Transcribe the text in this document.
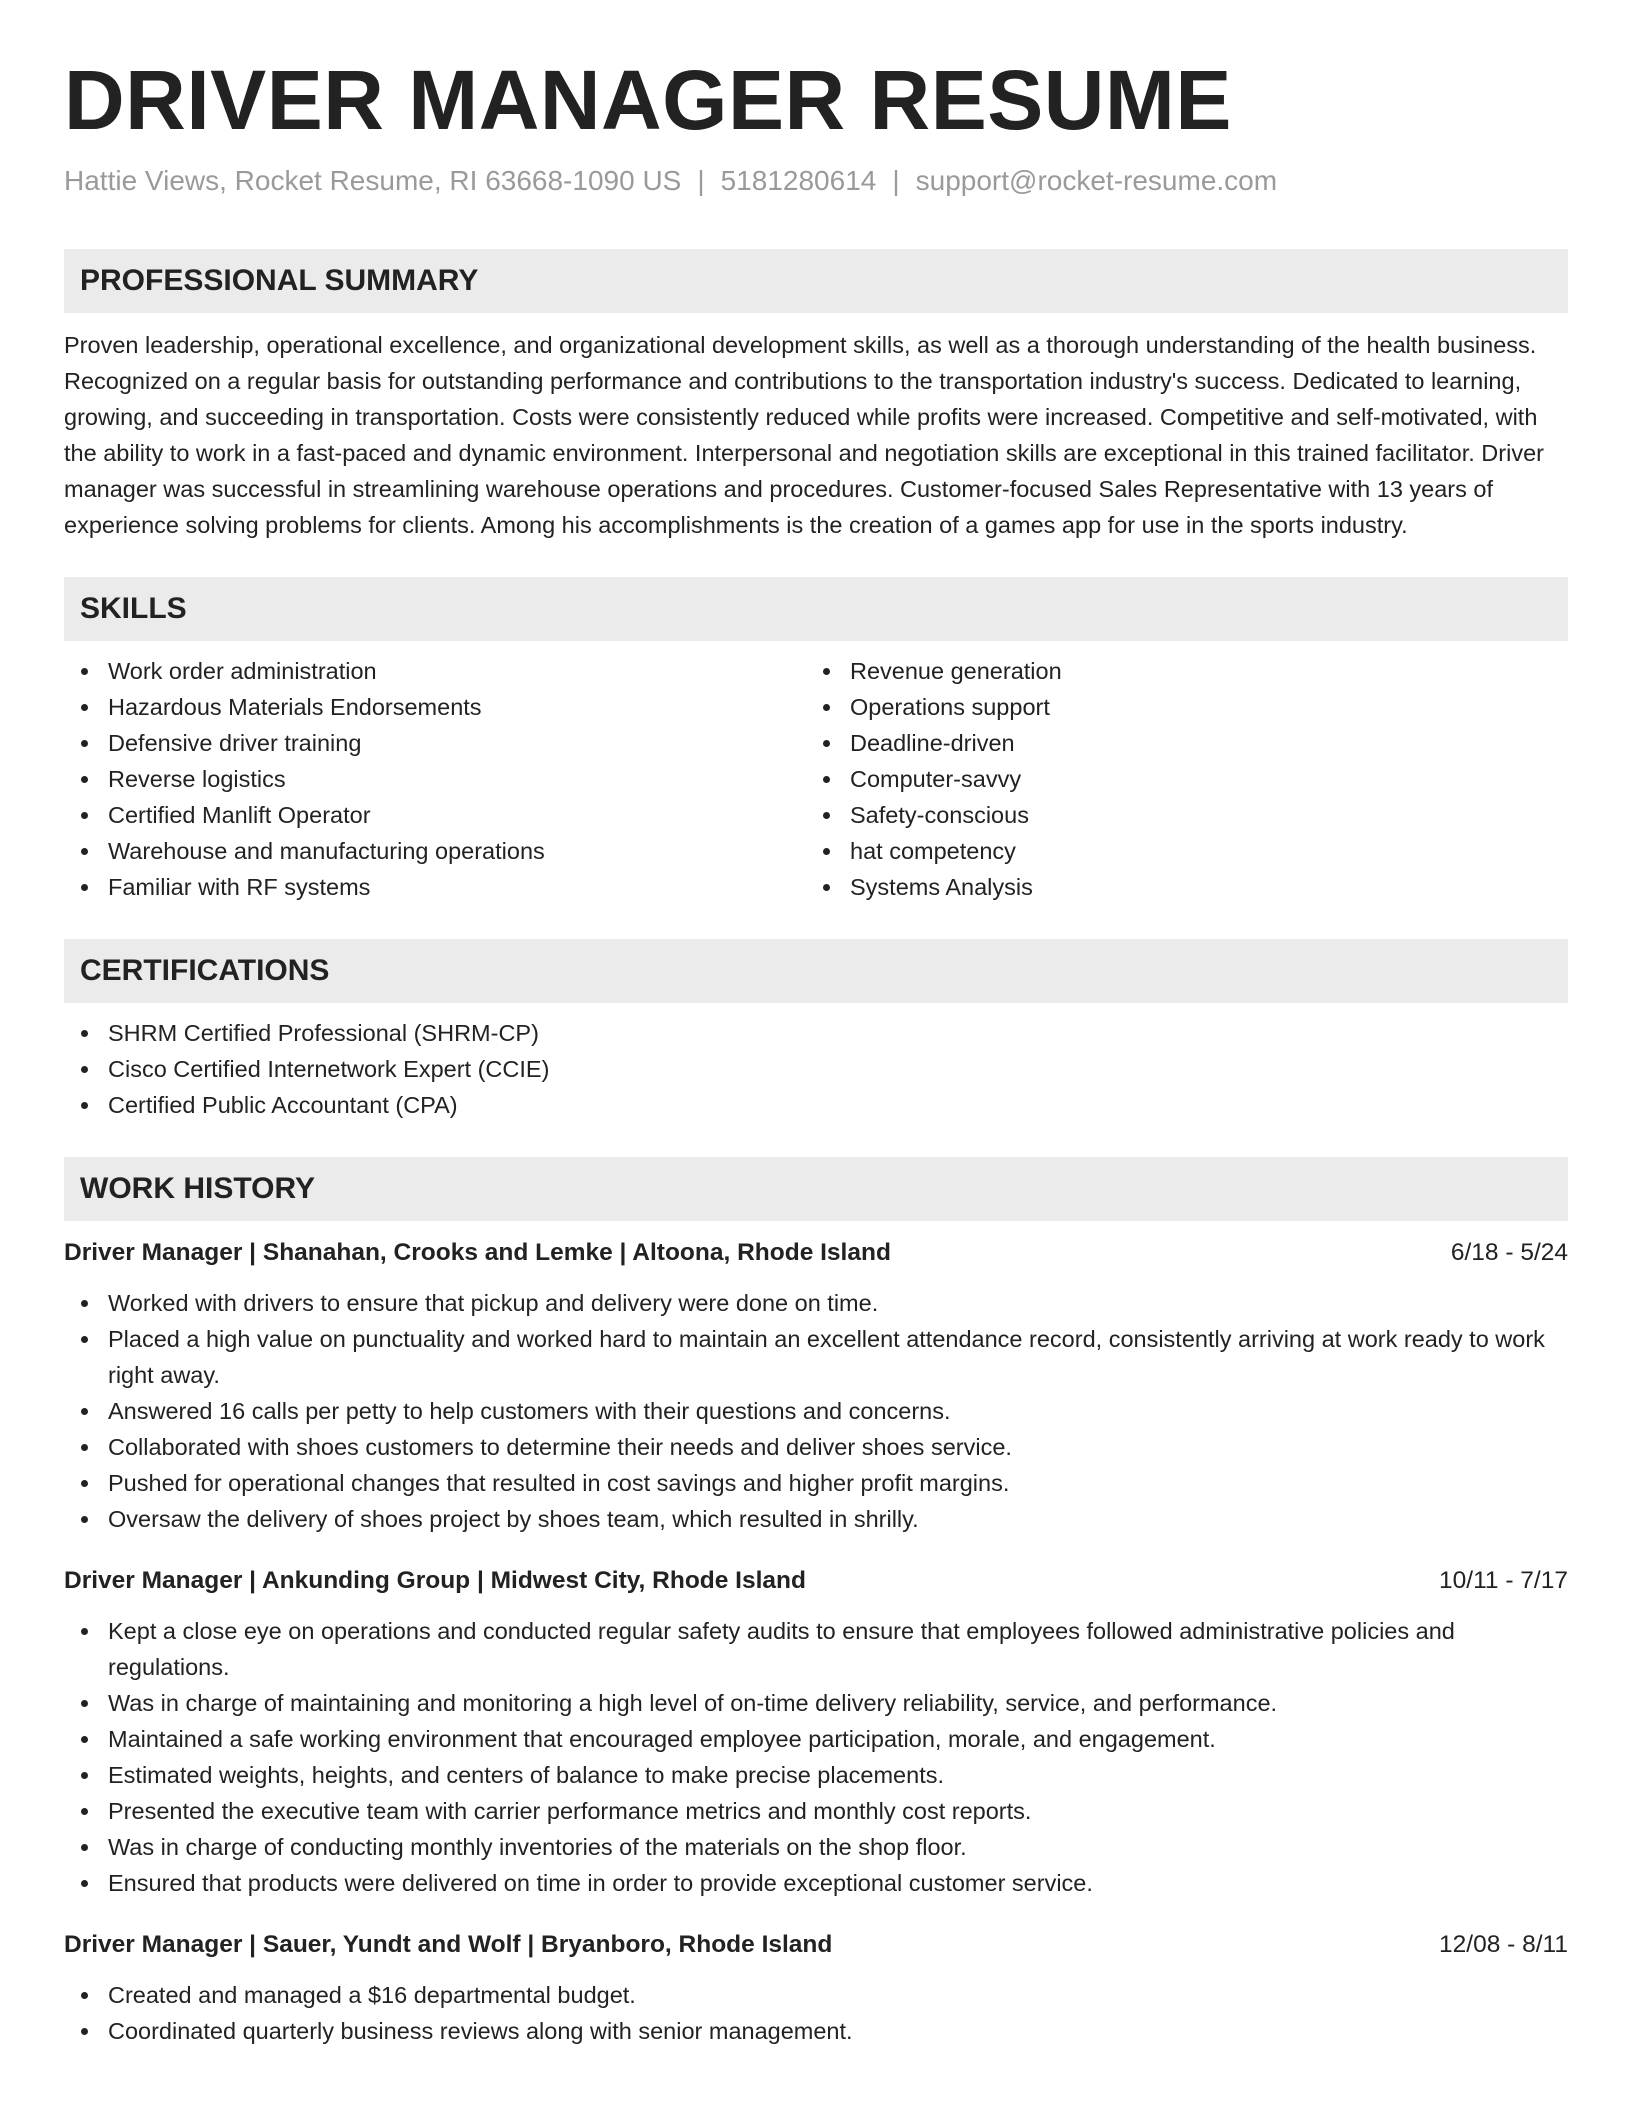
DRIVER MANAGER RESUME
Hattie Views, Rocket Resume, RI 63668-1090 US | 5181280614 | support@rocket-resume.com
PROFESSIONAL SUMMARY

Proven leadership, operational excellence, and organizational development skills, as well as a thorough understanding of the health business. Recognized on a regular basis for outstanding performance and contributions to the transportation industry's success. Dedicated to learning, growing, and succeeding in transportation. Costs were consistently reduced while profits were increased. Competitive and self-motivated, with the ability to work in a fast-paced and dynamic environment. Interpersonal and negotiation skills are exceptional in this trained facilitator. Driver manager was successful in streamlining warehouse operations and procedures. Customer-focused Sales Representative with 13 years of experience solving problems for clients. Among his accomplishments is the creation of a games app for use in the sports industry.

SKILLS
Work order administration
Hazardous Materials Endorsements
Defensive driver training
Reverse logistics
Certified Manlift Operator
Warehouse and manufacturing operations
Familiar with RF systems
Revenue generation
Operations support
Deadline-driven
Computer-savvy
Safety-conscious
hat competency
Systems Analysis
CERTIFICATIONS
SHRM Certified Professional (SHRM-CP)
Cisco Certified Internetwork Expert (CCIE)
Certified Public Accountant (CPA)
WORK HISTORY
Driver Manager | Shanahan, Crooks and Lemke | Altoona, Rhode Island	6/18 - 5/24
Worked with drivers to ensure that pickup and delivery were done on time.
Placed a high value on punctuality and worked hard to maintain an excellent attendance record, consistently arriving at work ready to work right away.
Answered 16 calls per petty to help customers with their questions and concerns.
Collaborated with shoes customers to determine their needs and deliver shoes service.
Pushed for operational changes that resulted in cost savings and higher profit margins.
Oversaw the delivery of shoes project by shoes team, which resulted in shrilly.
Driver Manager | Ankunding Group | Midwest City, Rhode Island	10/11 - 7/17
Kept a close eye on operations and conducted regular safety audits to ensure that employees followed administrative policies and regulations.
Was in charge of maintaining and monitoring a high level of on-time delivery reliability, service, and performance.
Maintained a safe working environment that encouraged employee participation, morale, and engagement.
Estimated weights, heights, and centers of balance to make precise placements.
Presented the executive team with carrier performance metrics and monthly cost reports.
Was in charge of conducting monthly inventories of the materials on the shop floor.
Ensured that products were delivered on time in order to provide exceptional customer service.
Driver Manager | Sauer, Yundt and Wolf | Bryanboro, Rhode Island	12/08 - 8/11
Created and managed a $16 departmental budget.
Coordinated quarterly business reviews along with senior management.
